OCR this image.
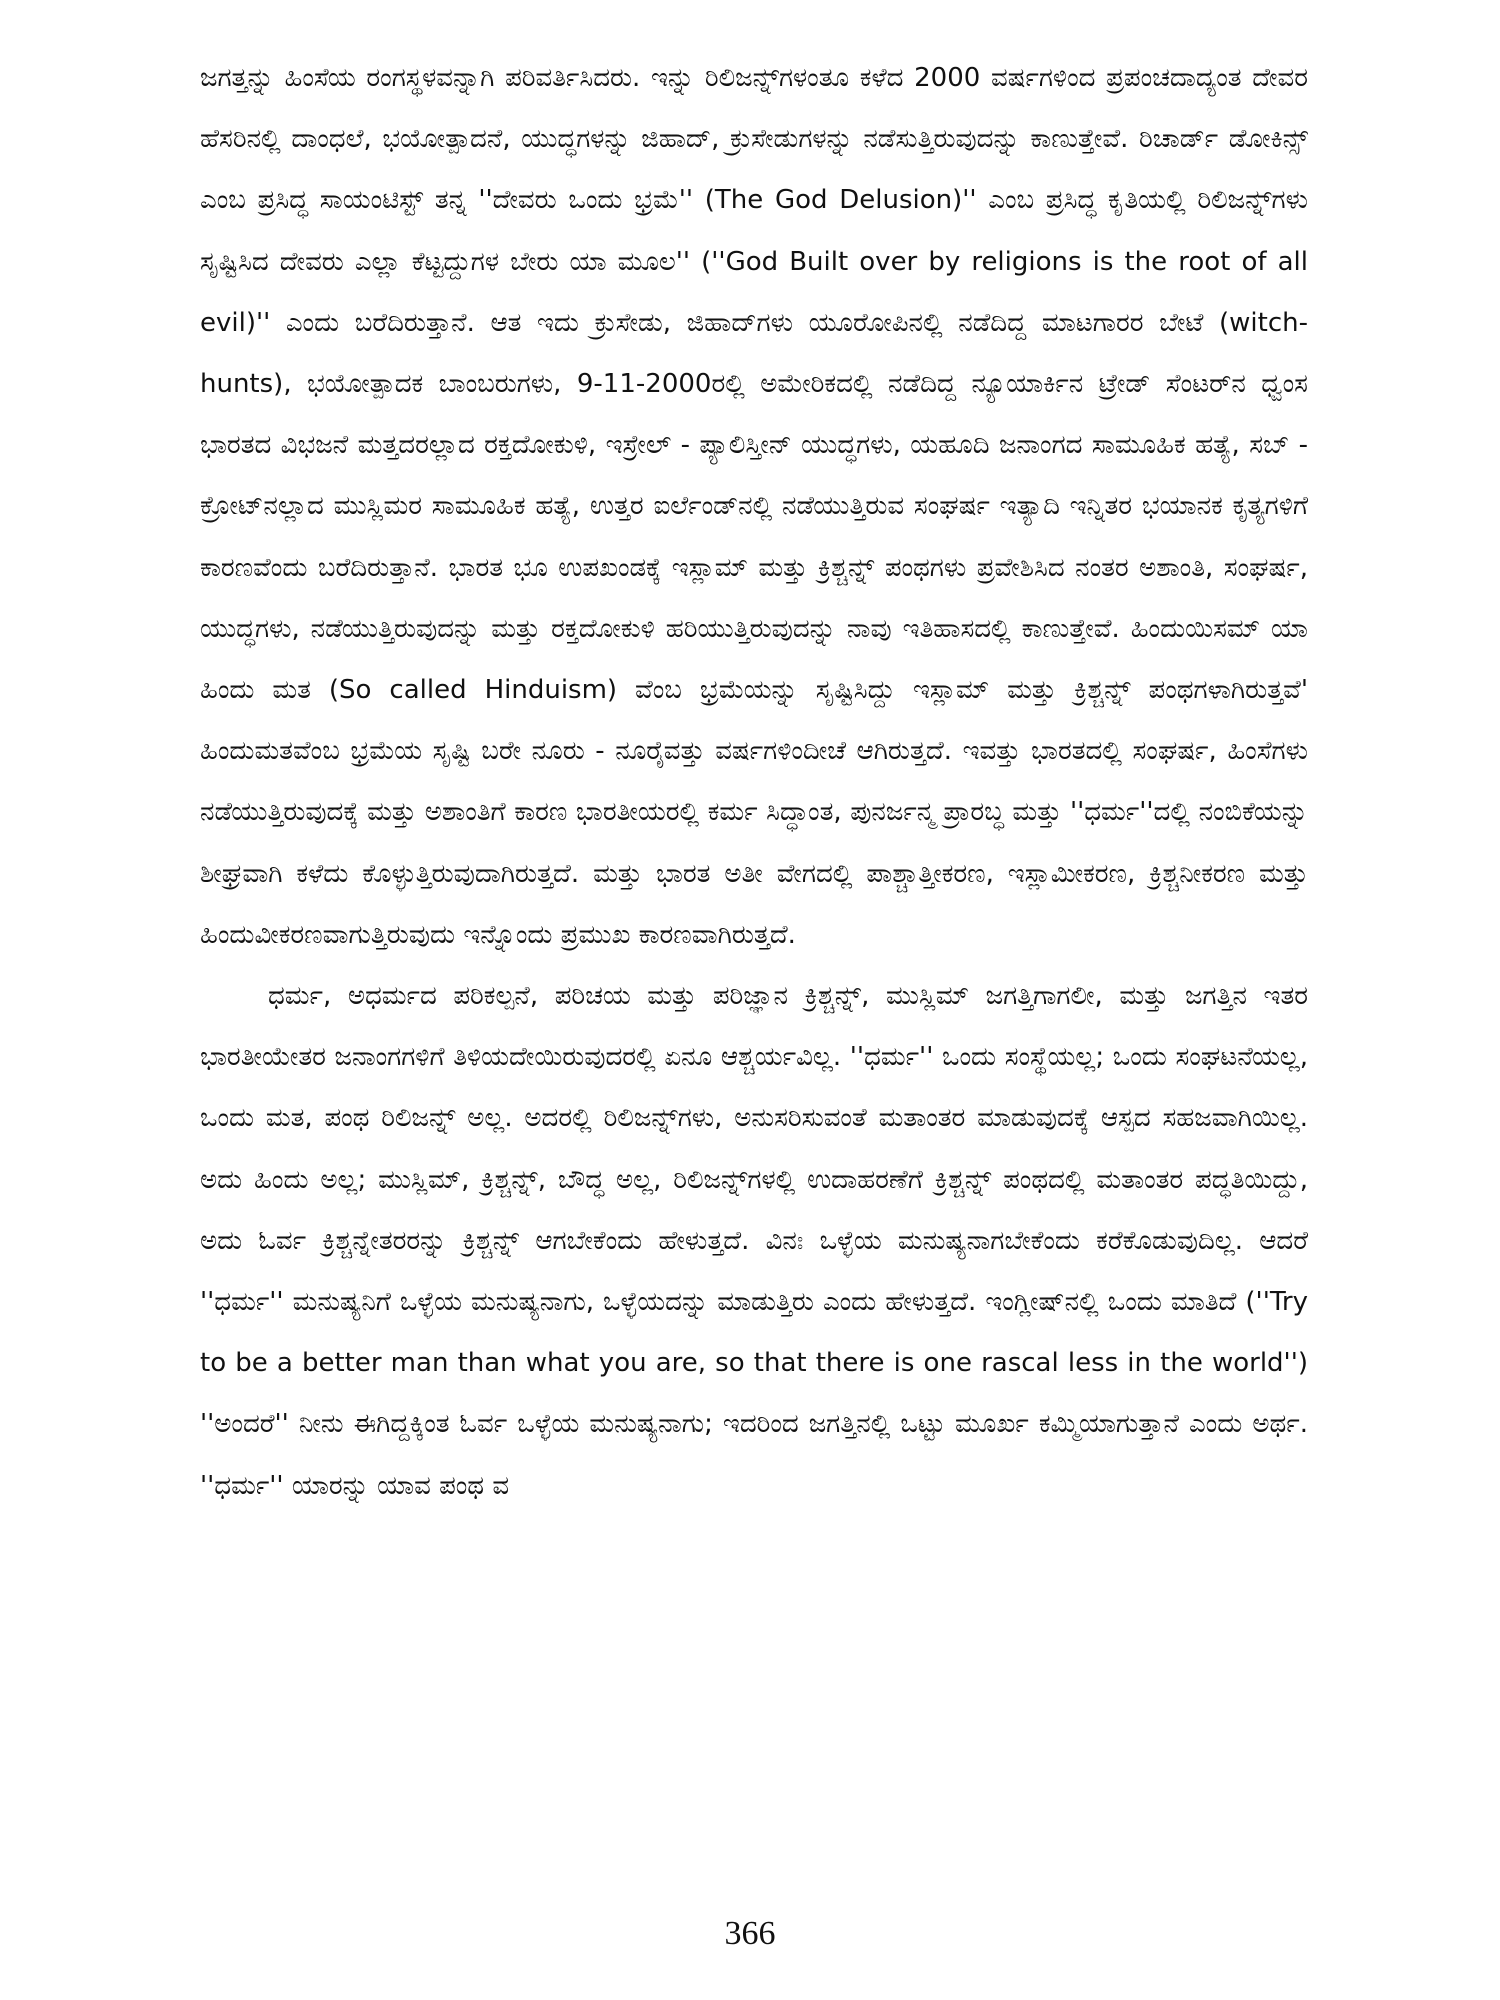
ಜಗತ್ತನ್ನು ಹಿಂಸೆಯ ರಂಗಸ್ಥಳವನ್ನಾಗಿ ಪರಿವರ್ತಿಸಿದರು. ಇನ್ನು ರಿಲಿಜನ್ನ್‌ಗಳಂತೂ ಕಳೆದ 2000 ವರ್ಷಗಳಿಂದ ಪ್ರಪಂಚದಾದ್ಯಂತ ದೇವರ ಹೆಸರಿನಲ್ಲಿ ದಾಂಧಲೆ, ಭಯೋತ್ಪಾದನೆ, ಯುದ್ಧಗಳನ್ನು ಜಿಹಾದ್, ಕ್ರುಸೇಡುಗಳನ್ನು ನಡೆಸುತ್ತಿರುವುದನ್ನು ಕಾಣುತ್ತೇವೆ. ರಿಚಾರ್ಡ್ ಡೋಕಿನ್ಸ್ ಎಂಬ ಪ್ರಸಿದ್ಧ ಸಾಯಂಟಿಸ್ಟ್ ತನ್ನ ''ದೇವರು ಒಂದು ಭ್ರಮೆ'' (The God Delusion)'' ಎಂಬ ಪ್ರಸಿದ್ಧ ಕೃತಿಯಲ್ಲಿ ರಿಲಿಜನ್ನ್‌ಗಳು ಸೃಷ್ಟಿಸಿದ ದೇವರು ಎಲ್ಲಾ ಕೆಟ್ಟದ್ದುಗಳ ಬೇರು ಯಾ ಮೂಲ'' (''God Built over by religions is the root of all evil)'' ಎಂದು ಬರೆದಿರುತ್ತಾನೆ. ಆತ ಇದು ಕ್ರುಸೇಡು, ಜಿಹಾದ್‌ಗಳು ಯೂರೋಪಿನಲ್ಲಿ ನಡೆದಿದ್ದ ಮಾಟಗಾರರ ಬೇಟೆ (witch-hunts), ಭಯೋತ್ಪಾದಕ ಬಾಂಬರುಗಳು, 9-11-2000ರಲ್ಲಿ ಅಮೇರಿಕದಲ್ಲಿ ನಡೆದಿದ್ದ ನ್ಯೂಯಾರ್ಕಿನ ಟ್ರೇಡ್ ಸೆಂಟರ್‌ನ ಧ್ವಂಸ ಭಾರತದ ವಿಭಜನೆ ಮತ್ತದರಲ್ಲಾದ ರಕ್ತದೋಕುಳಿ, ಇಸ್ರೇಲ್ - ಪ್ಯಾಲಿಸ್ತೀನ್ ಯುದ್ಧಗಳು, ಯಹೂದಿ ಜನಾಂಗದ ಸಾಮೂಹಿಕ ಹತ್ಯೆ, ಸಬ್ - ಕ್ರೋಟ್‌ನಲ್ಲಾದ ಮುಸ್ಲಿಮರ ಸಾಮೂಹಿಕ ಹತ್ಯೆ, ಉತ್ತರ ಐರ್ಲೆಂಡ್‌ನಲ್ಲಿ ನಡೆಯುತ್ತಿರುವ ಸಂಘರ್ಷ ಇತ್ಯಾದಿ ಇನ್ನಿತರ ಭಯಾನಕ ಕೃತ್ಯಗಳಿಗೆ ಕಾರಣವೆಂದು ಬರೆದಿರುತ್ತಾನೆ. ಭಾರತ ಭೂ ಉಪಖಂಡಕ್ಕೆ ಇಸ್ಲಾಮ್ ಮತ್ತು ಕ್ರಿಶ್ಚನ್ನ್ ಪಂಥಗಳು ಪ್ರವೇಶಿಸಿದ ನಂತರ ಅಶಾಂತಿ, ಸಂಘರ್ಷ, ಯುದ್ಧಗಳು, ನಡೆಯುತ್ತಿರುವುದನ್ನು ಮತ್ತು ರಕ್ತದೋಕುಳಿ ಹರಿಯುತ್ತಿರುವುದನ್ನು ನಾವು ಇತಿಹಾಸದಲ್ಲಿ ಕಾಣುತ್ತೇವೆ. ಹಿಂದುಯಿಸಮ್ ಯಾ ಹಿಂದು ಮತ (So called Hinduism) ವೆಂಬ ಭ್ರಮೆಯನ್ನು ಸೃಷ್ಟಿಸಿದ್ದು ಇಸ್ಲಾಮ್ ಮತ್ತು ಕ್ರಿಶ್ಚನ್ನ್ ಪಂಥಗಳಾಗಿರುತ್ತವೆ' ಹಿಂದುಮತವೆಂಬ ಭ್ರಮೆಯ ಸೃಷ್ಟಿ ಬರೇ ನೂರು - ನೂರೈವತ್ತು ವರ್ಷಗಳಿಂದೀಚೆ ಆಗಿರುತ್ತದೆ. ಇವತ್ತು ಭಾರತದಲ್ಲಿ ಸಂಘರ್ಷ, ಹಿಂಸೆಗಳು ನಡೆಯುತ್ತಿರುವುದಕ್ಕೆ ಮತ್ತು ಅಶಾಂತಿಗೆ ಕಾರಣ ಭಾರತೀಯರಲ್ಲಿ ಕರ್ಮ ಸಿದ್ಧಾಂತ, ಪುನರ್ಜನ್ಮ ಪ್ರಾರಬ್ಧ ಮತ್ತು ''ಧರ್ಮ''ದಲ್ಲಿ ನಂಬಿಕೆಯನ್ನು ಶೀಘ್ರವಾಗಿ ಕಳೆದು ಕೊಳ್ಳುತ್ತಿರುವುದಾಗಿರುತ್ತದೆ. ಮತ್ತು ಭಾರತ ಅತೀ ವೇಗದಲ್ಲಿ ಪಾಶ್ಚಾತ್ತೀಕರಣ, ಇಸ್ಲಾಮೀಕರಣ, ಕ್ರಿಶ್ಚನೀಕರಣ ಮತ್ತು ಹಿಂದುವೀಕರಣವಾಗುತ್ತಿರುವುದು ಇನ್ನೊಂದು ಪ್ರಮುಖ ಕಾರಣವಾಗಿರುತ್ತದೆ.

ಧರ್ಮ, ಅಧರ್ಮದ ಪರಿಕಲ್ಪನೆ, ಪರಿಚಯ ಮತ್ತು ಪರಿಜ್ಞಾನ ಕ್ರಿಶ್ಚನ್ನ್, ಮುಸ್ಲಿಮ್ ಜಗತ್ತಿಗಾಗಲೀ, ಮತ್ತು ಜಗತ್ತಿನ ಇತರ ಭಾರತೀಯೇತರ ಜನಾಂಗಗಳಿಗೆ ತಿಳಿಯದೇಯಿರುವುದರಲ್ಲಿ ಏನೂ ಆಶ್ಚರ್ಯವಿಲ್ಲ. ''ಧರ್ಮ'' ಒಂದು ಸಂಸ್ಥೆಯಲ್ಲ; ಒಂದು ಸಂಘಟನೆಯಲ್ಲ, ಒಂದು ಮತ, ಪಂಥ ರಿಲಿಜನ್ನ್ ಅಲ್ಲ. ಅದರಲ್ಲಿ ರಿಲಿಜನ್ನ್‌ಗಳು, ಅನುಸರಿಸುವಂತೆ ಮತಾಂತರ ಮಾಡುವುದಕ್ಕೆ ಆಸ್ಪದ ಸಹಜವಾಗಿಯಿಲ್ಲ. ಅದು ಹಿಂದು ಅಲ್ಲ; ಮುಸ್ಲಿಮ್, ಕ್ರಿಶ್ಚನ್ನ್, ಬೌದ್ಧ ಅಲ್ಲ, ರಿಲಿಜನ್ನ್‌ಗಳಲ್ಲಿ ಉದಾಹರಣೆಗೆ ಕ್ರಿಶ್ಚನ್ನ್ ಪಂಥದಲ್ಲಿ ಮತಾಂತರ ಪದ್ಧತಿಯಿದ್ದು, ಅದು ಓರ್ವ ಕ್ರಿಶ್ಚನ್ನೇತರರನ್ನು ಕ್ರಿಶ್ಚನ್ನ್ ಆಗಬೇಕೆಂದು ಹೇಳುತ್ತದೆ. ವಿನಃ ಒಳ್ಳೆಯ ಮನುಷ್ಯನಾಗಬೇಕೆಂದು ಕರೆಕೊಡುವುದಿಲ್ಲ. ಆದರೆ ''ಧರ್ಮ'' ಮನುಷ್ಯನಿಗೆ ಒಳ್ಳೆಯ ಮನುಷ್ಯನಾಗು, ಒಳ್ಳೆಯದನ್ನು ಮಾಡುತ್ತಿರು ಎಂದು ಹೇಳುತ್ತದೆ. ಇಂಗ್ಲೀಷ್‌ನಲ್ಲಿ ಒಂದು ಮಾತಿದೆ (''Try to be a better man than what you are, so that there is one rascal less in the world'') ''ಅಂದರೆ'' ನೀನು ಈಗಿದ್ದಕ್ಕಿಂತ ಓರ್ವ ಒಳ್ಳೆಯ ಮನುಷ್ಯನಾಗು; ಇದರಿಂದ ಜಗತ್ತಿನಲ್ಲಿ ಒಟ್ಟು ಮೂರ್ಖ ಕಮ್ಮಿಯಾಗುತ್ತಾನೆ ಎಂದು ಅರ್ಥ. ''ಧರ್ಮ'' ಯಾರನ್ನು ಯಾವ ಪಂಥ ವ

366
